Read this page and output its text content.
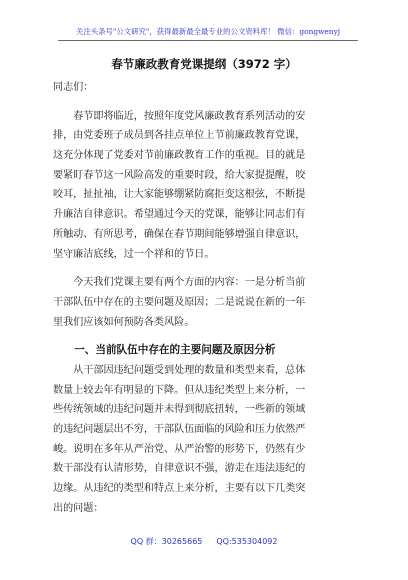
关注头条号"公文研究"，获得最新最全最专业的公文资料库！ 微信：gongwenyj
春节廉政教育党课提纲（3972 字）
同志们：
　　春节即将临近，按照年度党风廉政教育系列活动的安
排，由党委班子成员到各挂点单位上节前廉政教育党课，
这充分体现了党委对节前廉政教育工作的重视。目的就是
要紧盯春节这一风险高发的重要时段，给大家提提醒，咬
咬耳，扯扯袖，让大家能够绷紧防腐拒变这根弦，不断提
升廉洁自律意识。希望通过今天的党课，能够让同志们有
所触动、有所思考，确保在春节期间能够增强自律意识，
坚守廉洁底线，过一个祥和的节日。
　　今天我们党课主要有两个方面的内容：一是分析当前
干部队伍中存在的主要问题及原因；二是说说在新的一年
里我们应该如何预防各类风险。
　　一、当前队伍中存在的主要问题及原因分析
　　从干部因违纪问题受到处理的数量和类型来看，总体
数量上较去年有明显的下降。但从违纪类型上来分析，一
些传统领域的违纪问题并未得到彻底扭转，一些新的领域
的违纪问题层出不穷，干部队伍面临的风险和压力依然严
峻。说明在多年从严治党、从严治警的形势下，仍然有少
数干部没有认清形势，自律意识不强，游走在违法违纪的
边缘。从违纪的类型和特点上来分析，主要有以下几类突
出的问题：
QQ 群：30265665 QQ:535304092
